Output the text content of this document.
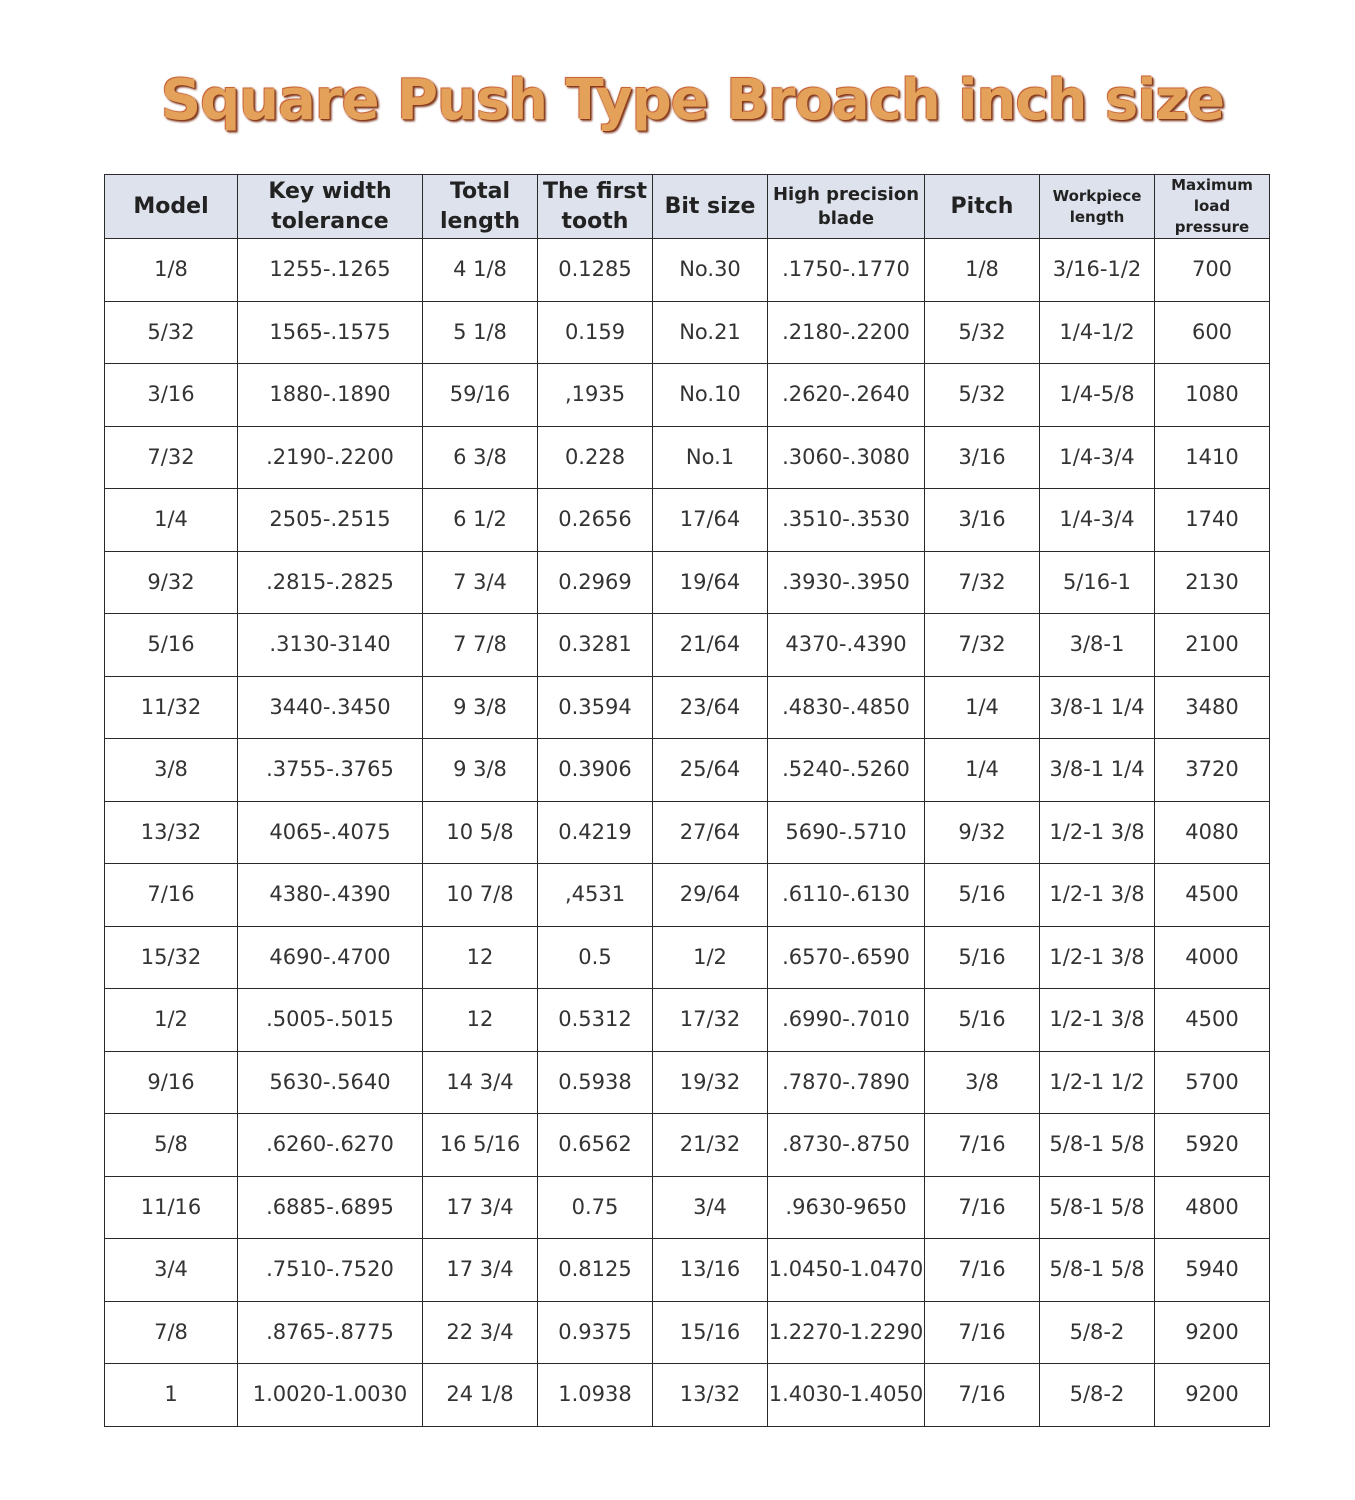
Square Push Type Broach inch size
Model	Key width tolerance	Total length	The first tooth	Bit size	High precision blade	Pitch	Workpiece length	Maximum load pressure
1/8	1255-.1265	4 1/8	0.1285	No.30	.1750-.1770	1/8	3/16-1/2	700
5/32	1565-.1575	5 1/8	0.159	No.21	.2180-.2200	5/32	1/4-1/2	600
3/16	1880-.1890	59/16	,1935	No.10	.2620-.2640	5/32	1/4-5/8	1080
7/32	.2190-.2200	6 3/8	0.228	No.1	.3060-.3080	3/16	1/4-3/4	1410
1/4	2505-.2515	6 1/2	0.2656	17/64	.3510-.3530	3/16	1/4-3/4	1740
9/32	.2815-.2825	7 3/4	0.2969	19/64	.3930-.3950	7/32	5/16-1	2130
5/16	.3130-3140	7 7/8	0.3281	21/64	4370-.4390	7/32	3/8-1	2100
11/32	3440-.3450	9 3/8	0.3594	23/64	.4830-.4850	1/4	3/8-1 1/4	3480
3/8	.3755-.3765	9 3/8	0.3906	25/64	.5240-.5260	1/4	3/8-1 1/4	3720
13/32	4065-.4075	10 5/8	0.4219	27/64	5690-.5710	9/32	1/2-1 3/8	4080
7/16	4380-.4390	10 7/8	,4531	29/64	.6110-.6130	5/16	1/2-1 3/8	4500
15/32	4690-.4700	12	0.5	1/2	.6570-.6590	5/16	1/2-1 3/8	4000
1/2	.5005-.5015	12	0.5312	17/32	.6990-.7010	5/16	1/2-1 3/8	4500
9/16	5630-.5640	14 3/4	0.5938	19/32	.7870-.7890	3/8	1/2-1 1/2	5700
5/8	.6260-.6270	16 5/16	0.6562	21/32	.8730-.8750	7/16	5/8-1 5/8	5920
11/16	.6885-.6895	17 3/4	0.75	3/4	.9630-9650	7/16	5/8-1 5/8	4800
3/4	.7510-.7520	17 3/4	0.8125	13/16	1.0450-1.0470	7/16	5/8-1 5/8	5940
7/8	.8765-.8775	22 3/4	0.9375	15/16	1.2270-1.2290	7/16	5/8-2	9200
1	1.0020-1.0030	24 1/8	1.0938	13/32	1.4030-1.4050	7/16	5/8-2	9200
